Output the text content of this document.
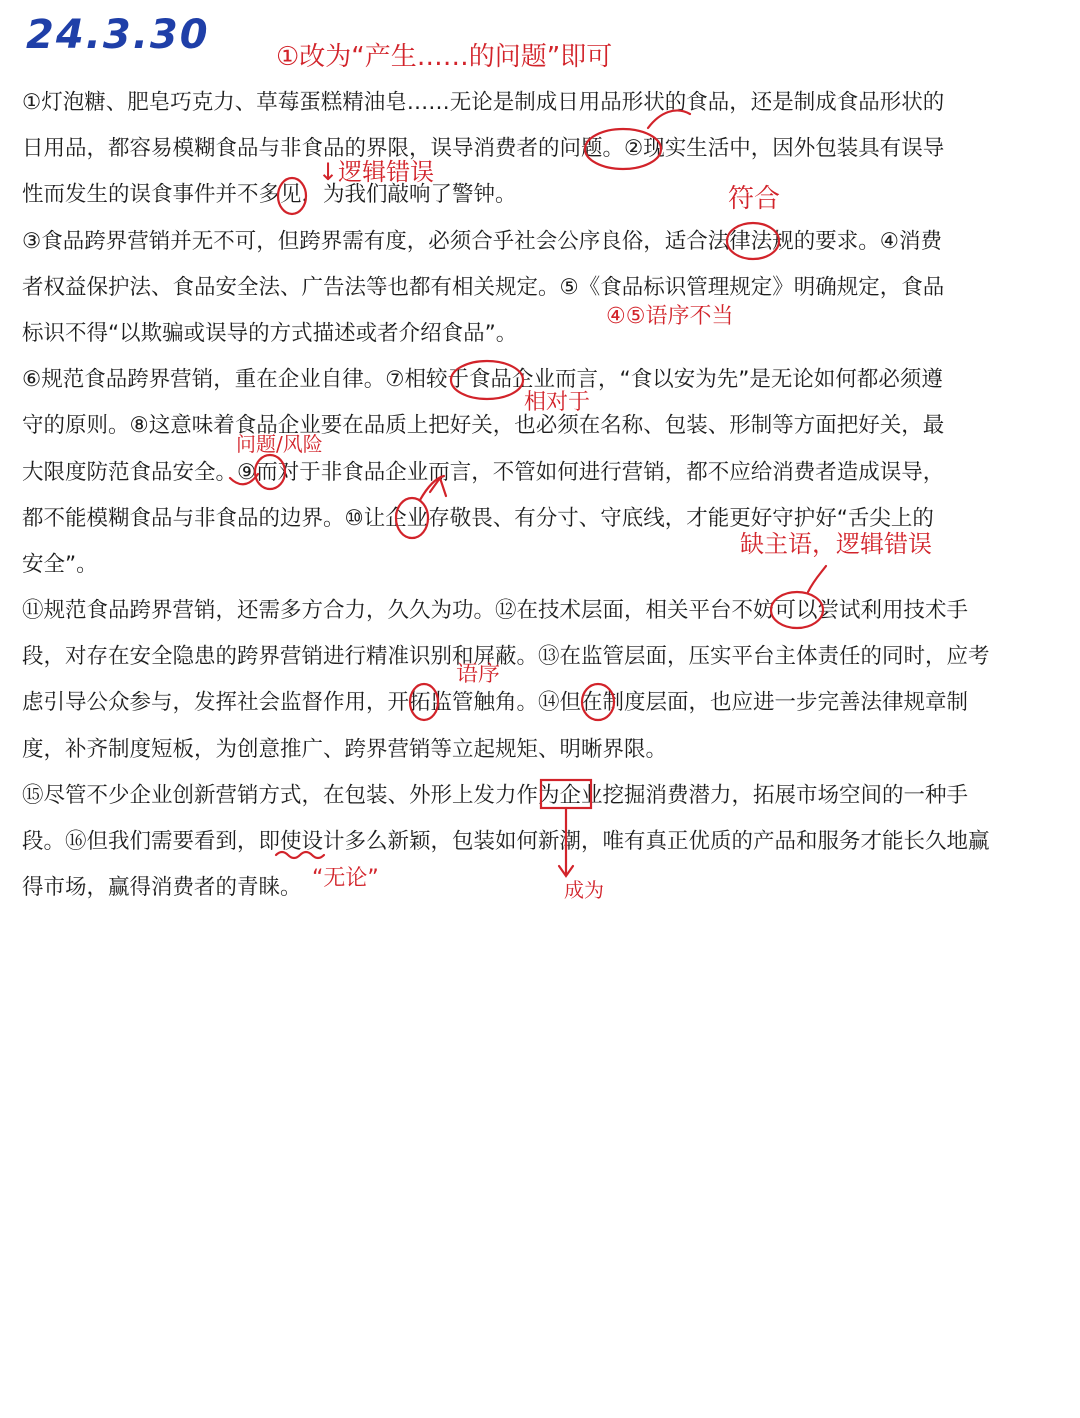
24.3.30
①灯泡糖、肥皂巧克力、草莓蛋糕精油皂……无论是制成日用品形状的食品，还是制成食品形状的
日用品，都容易模糊食品与非食品的界限，误导消费者的问题。②现实生活中，因外包装具有误导
性而发生的误食事件并不多见，为我们敲响了警钟。
③食品跨界营销并无不可，但跨界需有度，必须合乎社会公序良俗，适合法律法规的要求。④消费
者权益保护法、食品安全法、广告法等也都有相关规定。⑤《食品标识管理规定》明确规定，食品
标识不得“以欺骗或误导的方式描述或者介绍食品”。
⑥规范食品跨界营销，重在企业自律。⑦相较于食品企业而言，“食以安为先”是无论如何都必须遵
守的原则。⑧这意味着食品企业要在品质上把好关，也必须在名称、包装、形制等方面把好关，最
大限度防范食品安全。⑨而对于非食品企业而言，不管如何进行营销，都不应给消费者造成误导，
都不能模糊食品与非食品的边界。⑩让企业存敬畏、有分寸、守底线，才能更好守护好“舌尖上的
安全”。
⑪规范食品跨界营销，还需多方合力，久久为功。⑫在技术层面，相关平台不妨可以尝试利用技术手
段，对存在安全隐患的跨界营销进行精准识别和屏蔽。⑬在监管层面，压实平台主体责任的同时，应考
虑引导公众参与，发挥社会监督作用，开拓监管触角。⑭但在制度层面，也应进一步完善法律规章制
度，补齐制度短板，为创意推广、跨界营销等立起规矩、明晰界限。
⑮尽管不少企业创新营销方式，在包装、外形上发力作为企业挖掘消费潜力，拓展市场空间的一种手
段。⑯但我们需要看到，即使设计多么新颖，包装如何新潮，唯有真正优质的产品和服务才能长久地赢
得市场，赢得消费者的青睐。
①改为“产生……的问题”即可
↓逻辑错误
符合
④⑤语序不当
相对于
问题/风险
语序
缺主语，逻辑错误
成为
“无论”
